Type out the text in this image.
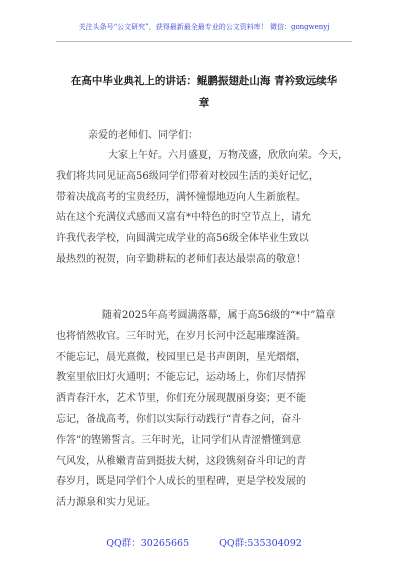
关注头条号“公文研究”，获得最新最全最专业的公文资料库！ 微信：gongwenyj
在高中毕业典礼上的讲话：鲲鹏振翅赴山海 青衿致远续华
章
亲爱的老师们、同学们：
大家上午好。六月盛夏，万物茂盛，欣欣向荣。今天，
我们将共同见证高56级同学们带着对校园生活的美好记忆，
带着决战高考的宝贵经历，满怀憧憬地迈向人生新旅程。
站在这个充满仪式感而又富有*中特色的时空节点上，请允
许我代表学校，向圆满完成学业的高56级全体毕业生致以
最热烈的祝贺，向辛勤耕耘的老师们表达最崇高的敬意！
随着2025年高考圆满落幕，属于高56级的“*中”篇章
也将悄然收官。三年时光，在岁月长河中泛起璀璨涟漪。
不能忘记，晨光熹微，校园里已是书声朗朗，星光熠熠，
教室里依旧灯火通明；不能忘记，运动场上，你们尽情挥
洒青春汗水，艺术节里，你们充分展现靓丽身姿；更不能
忘记，备战高考，你们以实际行动践行“青春之问，奋斗
作答”的铿锵誓言。三年时光，让同学们从青涩懵懂到意
气风发，从稚嫩青苗到挺拔大树，这段镌刻奋斗印记的青
春岁月，既是同学们个人成长的里程碑，更是学校发展的
活力源泉和实力见证。
QQ群：30265665	QQ群:535304092
